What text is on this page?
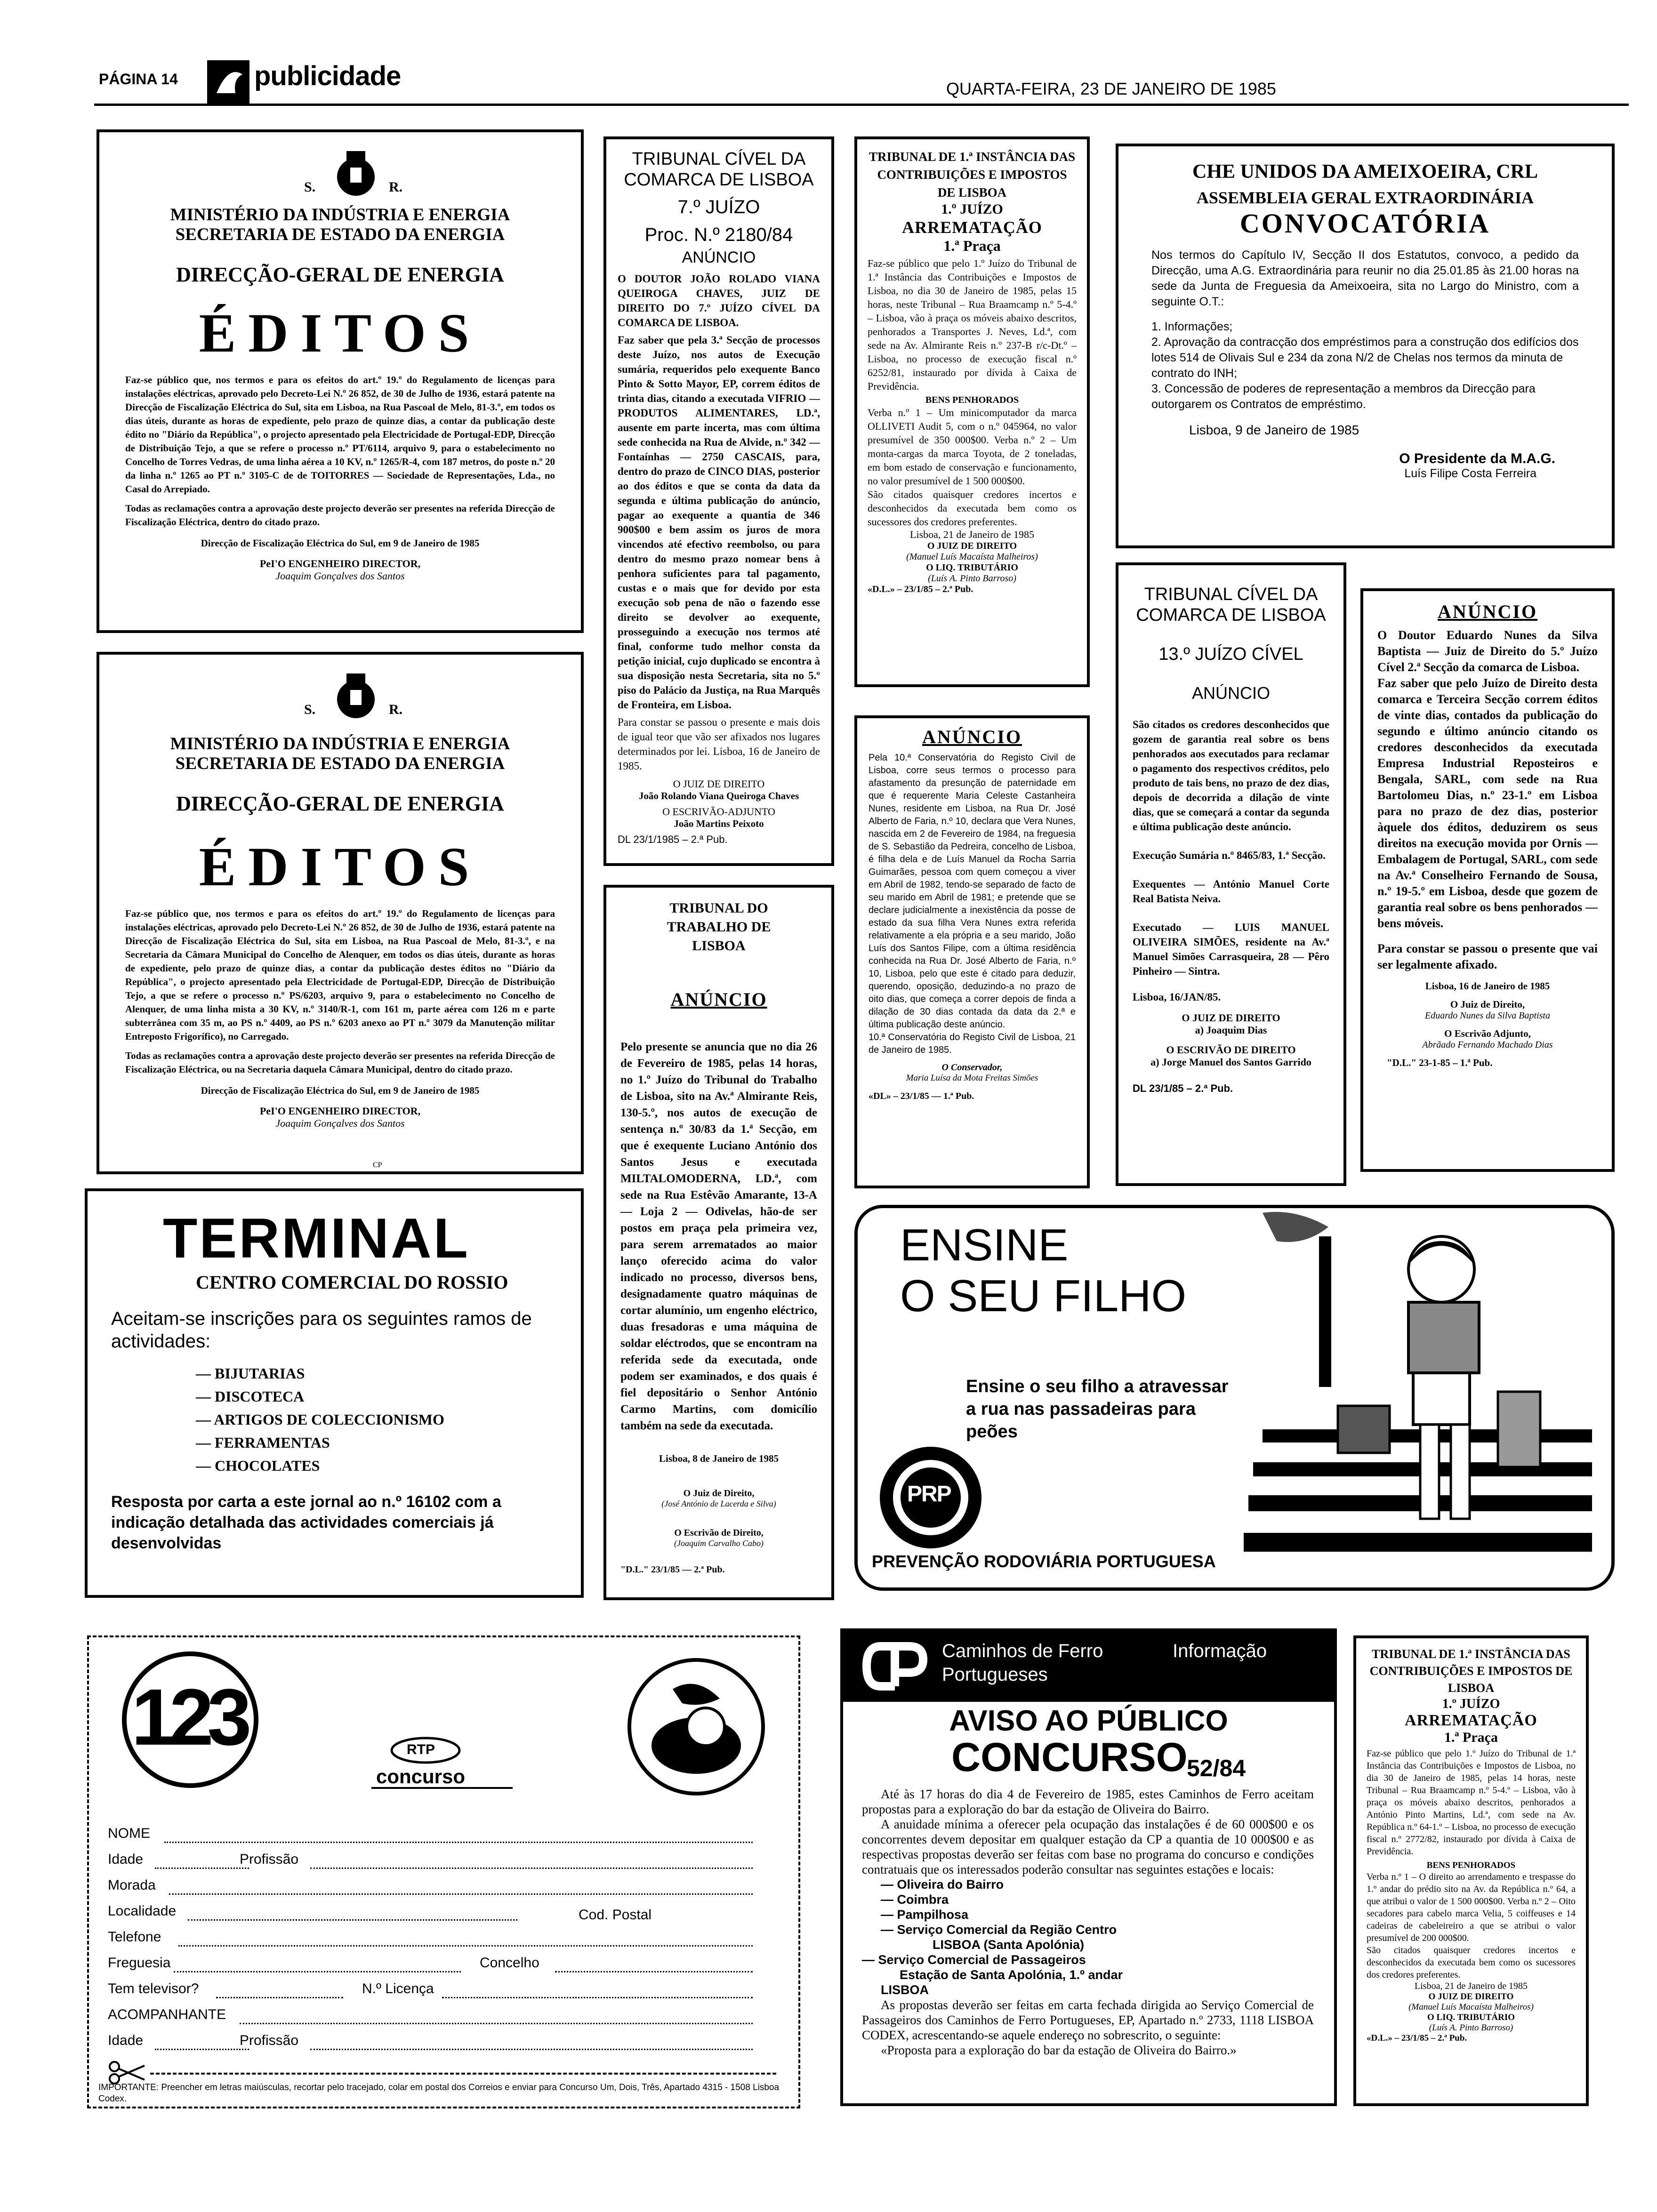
PÁGINA 14	publicidade	QUARTA-FEIRA, 23 DE JANEIRO DE 1985
S.	R.
MINISTÉRIO DA INDÚSTRIA E ENERGIA
SECRETARIA DE ESTADO DA ENERGIA
DIRECÇÃO-GERAL DE ENERGIA
ÉDITOS

Faz-se público que, nos termos e para os efeitos do art.º 19.º do Regulamento de licenças para instalações eléctricas, aprovado pelo Decreto-Lei N.º 26 852, de 30 de Julho de 1936, estará patente na Direcção de Fiscalização Eléctrica do Sul, sita em Lisboa, na Rua Pascoal de Melo, 81-3.º, em todos os dias úteis, durante as horas de expediente, pelo prazo de quinze dias, a contar da publicação deste édito no "Diário da República", o projecto apresentado pela Electricidade de Portugal-EDP, Direcção de Distribuição Tejo, a que se refere o processo n.º PT/6114, arquivo 9, para o estabelecimento no Concelho de Torres Vedras, de uma linha aérea a 10 KV, n.º 1265/R-4, com 187 metros, do poste n.º 20 da linha n.º 1265 ao PT n.º 3105-C de de TOITORRES — Sociedade de Representações, Lda., no Casal do Arrepiado.

Todas as reclamações contra a aprovação deste projecto deverão ser presentes na referida Direcção de Fiscalização Eléctrica, dentro do citado prazo.

Direcção de Fiscalização Eléctrica do Sul, em 9 de Janeiro de 1985

PeI'O ENGENHEIRO DIRECTOR,

Joaquim Gonçalves dos Santos

S.	R.
MINISTÉRIO DA INDÚSTRIA E ENERGIA
SECRETARIA DE ESTADO DA ENERGIA
DIRECÇÃO-GERAL DE ENERGIA
ÉDITOS

Faz-se público que, nos termos e para os efeitos do art.º 19.º do Regulamento de licenças para instalações eléctricas, aprovado pelo Decreto-Lei N.º 26 852, de 30 de Julho de 1936, estará patente na Direcção de Fiscalização Eléctrica do Sul, sita em Lisboa, na Rua Pascoal de Melo, 81-3.º, e na Secretaria da Câmara Municipal do Concelho de Alenquer, em todos os dias úteis, durante as horas de expediente, pelo prazo de quinze dias, a contar da publicação destes éditos no "Diário da República", o projecto apresentado pela Electricidade de Portugal-EDP, Direcção de Distribuição Tejo, a que se refere o processo n.º PS/6203, arquivo 9, para o estabelecimento no Concelho de Alenquer, de uma linha mista a 30 KV, n.º 3140/R-1, com 161 m, parte aérea com 126 m e parte subterrânea com 35 m, ao PS n.º 4409, ao PS n.º 6203 anexo ao PT n.º 3079 da Manutenção militar Entreposto Frigorífico), no Carregado.

Todas as reclamações contra a aprovação deste projecto deverão ser presentes na referida Direcção de Fiscalização Eléctrica, ou na Secretaria daquela Câmara Municipal, dentro do citado prazo.

Direcção de Fiscalização Eléctrica do Sul, em 9 de Janeiro de 1985

PeI'O ENGENHEIRO DIRECTOR,

Joaquim Gonçalves dos Santos

TRIBUNAL CÍVEL DA COMARCA DE LISBOA
7.º JUÍZO
Proc. N.º 2180/84
ANÚNCIO

O DOUTOR JOÃO ROLADO VIANA QUEIROGA CHAVES, JUIZ DE DIREITO DO 7.º JUÍZO CÍVEL DA COMARCA DE LISBOA.

Faz saber que pela 3.ª Secção de processos deste Juízo, nos autos de Execução sumária, requeridos pelo exequente Banco Pinto & Sotto Mayor, EP, correm éditos de trinta dias, citando a executada VIFRIO — PRODUTOS ALIMENTARES, LD.ª, ausente em parte incerta, mas com última sede conhecida na Rua de Alvide, n.º 342 — Fontaínhas — 2750 CASCAIS, para, dentro do prazo de CINCO DIAS, posterior ao dos éditos e que se conta da data da segunda e última publicação do anúncio, pagar ao exequente a quantia de 346 900$00 e bem assim os juros de mora vincendos até efectivo reembolso, ou para dentro do mesmo prazo nomear bens à penhora suficientes para tal pagamento, custas e o mais que for devido por esta execução sob pena de não o fazendo esse direito se devolver ao exequente, prosseguindo a execução nos termos até final, conforme tudo melhor consta da petição inicial, cujo duplicado se encontra à sua disposição nesta Secretaria, sita no 5.º piso do Palácio da Justiça, na Rua Marquês de Fronteira, em Lisboa.

Para constar se passou o presente e mais dois de igual teor que vão ser afixados nos lugares determinados por lei. Lisboa, 16 de Janeiro de 1985.

O JUIZ DE DIREITO

João Rolando Viana Queiroga Chaves

O ESCRIVÃO-ADJUNTO

João Martins Peixoto

DL 23/1/1985 – 2.ª Pub.

TRIBUNAL DE 1.ª INSTÂNCIA DAS CONTRIBUIÇÕES E IMPOSTOS DE LISBOA
1.º JUÍZO
ARREMATAÇÃO
1.ª Praça

Faz-se público que pelo 1.º Juízo do Tribunal de 1.ª Instância das Contribuições e Impostos de Lisboa, no dia 30 de Janeiro de 1985, pelas 15 horas, neste Tribunal – Rua Braamcamp n.º 5-4.º – Lisboa, vão à praça os móveis abaixo descritos, penhorados a Transportes J. Neves, Ld.ª, com sede na Av. Almirante Reis n.º 237-B r/c-Dt.º – Lisboa, no processo de execução fiscal n.º 6252/81, instaurado por dívida à Caixa de Previdência.

BENS PENHORADOS

Verba n.º 1 – Um minicomputador da marca OLLIVETI Audit 5, com o n.º 045964, no valor presumível de 350 000$00. Verba n.º 2 – Um monta-cargas da marca Toyota, de 2 toneladas, em bom estado de conservação e funcionamento, no valor presumível de 1 500 000$00.

São citados quaisquer credores incertos e desconhecidos da executada bem como os sucessores dos credores preferentes.

Lisboa, 21 de Janeiro de 1985

O JUIZ DE DIREITO

(Manuel Luís Macaísta Malheiros)

O LIQ. TRIBUTÁRIO

(Luís A. Pinto Barroso)

«D.L.» – 23/1/85 – 2.ª Pub.

CHE UNIDOS DA AMEIXOEIRA, CRL
ASSEMBLEIA GERAL EXTRAORDINÁRIA
CONVOCATÓRIA

Nos termos do Capítulo IV, Secção II dos Estatutos, convoco, a pedido da Direcção, uma A.G. Extraordinária para reunir no dia 25.01.85 às 21.00 horas na sede da Junta de Freguesia da Ameixoeira, sita no Largo do Ministro, com a seguinte O.T.:

1. Informações;
2. Aprovação da contracção dos empréstimos para a construção dos edifícios dos lotes 514 de Olivais Sul e 234 da zona N/2 de Chelas nos termos da minuta de contrato do INH;
3. Concessão de poderes de representação a membros da Direcção para outorgarem os Contratos de empréstimo.

Lisboa, 9 de Janeiro de 1985

O Presidente da M.A.G.

Luís Filipe Costa Ferreira

TRIBUNAL CÍVEL DA COMARCA DE LISBOA
13.º JUÍZO CÍVEL
ANÚNCIO

São citados os credores desconhecidos que gozem de garantia real sobre os bens penhorados aos executados para reclamar o pagamento dos respectivos créditos, pelo produto de tais bens, no prazo de dez dias, depois de decorrida a dilação de vinte dias, que se começará a contar da segunda e última publicação deste anúncio.

Execução Sumária n.º 8465/83, 1.ª Secção.

Exequentes — António Manuel Corte Real Batista Neiva.

Executado — LUIS MANUEL OLIVEIRA SIMÕES, residente na Av.ª Manuel Simões Carrasqueira, 28 — Pêro Pinheiro — Sintra.

Lisboa, 16/JAN/85.

O JUIZ DE DIREITO

a) Joaquim Dias

O ESCRIVÃO DE DIREITO

a) Jorge Manuel dos Santos Garrido

DL 23/1/85 – 2.ª Pub.

ANÚNCIO

O Doutor Eduardo Nunes da Silva Baptista — Juiz de Direito do 5.º Juízo Cível 2.ª Secção da comarca de Lisboa.

Faz saber que pelo Juízo de Direito desta comarca e Terceira Secção correm éditos de vinte dias, contados da publicação do segundo e último anúncio citando os credores desconhecidos da executada Empresa Industrial Reposteiros e Bengala, SARL, com sede na Rua Bartolomeu Dias, n.º 23-1.º em Lisboa para no prazo de dez dias, posterior àquele dos éditos, deduzirem os seus direitos na execução movida por Ornis — Embalagem de Portugal, SARL, com sede na Av.ª Conselheiro Fernando de Sousa, n.º 19-5.º em Lisboa, desde que gozem de garantia real sobre os bens penhorados — bens móveis.

Para constar se passou o presente que vai ser legalmente afixado.

Lisboa, 16 de Janeiro de 1985

O Juiz de Direito,

Eduardo Nunes da Silva Baptista

O Escrivão Adjunto,

Abrãado Fernando Machado Dias

"D.L." 23-1-85 – 1.ª Pub.

ANÚNCIO

Pela 10.ª Conservatória do Registo Civil de Lisboa, corre seus termos o processo para afastamento da presunção de paternidade em que é requerente Maria Celeste Castanheira Nunes, residente em Lisboa, na Rua Dr. José Alberto de Faria, n.º 10, declara que Vera Nunes, nascida em 2 de Fevereiro de 1984, na freguesia de S. Sebastião da Pedreira, concelho de Lisboa, é filha dela e de Luís Manuel da Rocha Sarria Guimarães, pessoa com quem começou a viver em Abril de 1982, tendo-se separado de facto de seu marido em Abril de 1981; e pretende que se declare judicialmente a inexistência da posse de estado da sua filha Vera Nunes extra referida relativamente a ela própria e a seu marido, João Luís dos Santos Filipe, com a última residência conhecida na Rua Dr. José Alberto de Faria, n.º 10, Lisboa, pelo que este é citado para deduzir, querendo, oposição, deduzindo-a no prazo de oito dias, que começa a correr depois de finda a dilação de 30 dias contada da data da 2.ª e última publicação deste anúncio.

10.ª Conservatória do Registo Civil de Lisboa, 21 de Janeiro de 1985.

O Conservador,

Maria Luísa da Mota Freitas Simões

«DL» – 23/1/85 — 1.ª Pub.

TRIBUNAL DO TRABALHO DE LISBOA
ANÚNCIO

Pelo presente se anuncia que no dia 26 de Fevereiro de 1985, pelas 14 horas, no 1.º Juízo do Tribunal do Trabalho de Lisboa, sito na Av.ª Almirante Reis, 130-5.º, nos autos de execução de sentença n.º 30/83 da 1.ª Secção, em que é exequente Luciano António dos Santos Jesus e executada MILTALOMODERNA, LD.ª, com sede na Rua Estêvão Amarante, 13-A — Loja 2 — Odivelas, hão-de ser postos em praça pela primeira vez, para serem arrematados ao maior lanço oferecido acima do valor indicado no processo, diversos bens, designadamente quatro máquinas de cortar alumínio, um engenho eléctrico, duas fresadoras e uma máquina de soldar eléctrodos, que se encontram na referida sede da executada, onde podem ser examinados, e dos quais é fiel depositário o Senhor António Carmo Martins, com domicílio também na sede da executada.

Lisboa, 8 de Janeiro de 1985

O Juiz de Direito,

(José António de Lacerda e Silva)

O Escrivão de Direito,

(Joaquim Carvalho Cabo)

"D.L." 23/1/85 — 2.ª Pub.

TERMINAL
CENTRO COMERCIAL DO ROSSIO

Aceitam-se inscrições para os seguintes ramos de actividades:

— BIJUTARIAS
— DISCOTECA
— ARTIGOS DE COLECCIONISMO
— FERRAMENTAS
— CHOCOLATES

Resposta por carta a este jornal ao n.º 16102 com a indicação detalhada das actividades comerciais já desenvolvidas

ENSINE
O SEU FILHO

Ensine o seu filho a atravessar a rua nas passadeiras para peões

PRP
PREVENÇÃO RODOVIÁRIA PORTUGUESA
123	RTP
concurso
NOME
Idade	Profissão
Morada
Localidade	Cod. Postal
Telefone
Freguesia	Concelho
Tem televisor?	N.º Licença
ACOMPANHANTE
Idade	Profissão

IMPORTANTE: Preencher em letras maiúsculas, recortar pelo tracejado, colar em postal dos Correios e enviar para Concurso Um, Dois, Três, Apartado 4315 - 1508 Lisboa Codex.

CP
Caminhos de Ferro
Portugueses
Informação
AVISO AO PÚBLICO
CONCURSO
52/84

Até às 17 horas do dia 4 de Fevereiro de 1985, estes Caminhos de Ferro aceitam propostas para a exploração do bar da estação de Oliveira do Bairro.

A anuidade mínima a oferecer pela ocupação das instalações é de 60 000$00 e os concorrentes devem depositar em qualquer estação da CP a quantia de 10 000$00 e as respectivas propostas deverão ser feitas com base no programa do concurso e condições contratuais que os interessados poderão consultar nas seguintes estações e locais:

— Oliveira do Bairro
— Coimbra
— Pampilhosa
— Serviço Comercial da Região Centro
LISBOA (Santa Apolónia)
— Serviço Comercial de Passageiros
Estação de Santa Apolónia, 1.º andar
LISBOA

As propostas deverão ser feitas em carta fechada dirigida ao Serviço Comercial de Passageiros dos Caminhos de Ferro Portugueses, EP, Apartado n.º 2733, 1118 LISBOA CODEX, acrescentando-se aquele endereço no sobrescrito, o seguinte:

«Proposta para a exploração do bar da estação de Oliveira do Bairro.»

TRIBUNAL DE 1.ª INSTÂNCIA DAS CONTRIBUIÇÕES E IMPOSTOS DE LISBOA
1.º JUÍZO
ARREMATAÇÃO
1.ª Praça

Faz-se público que pelo 1.º Juízo do Tribunal de 1.ª Instância das Contribuições e Impostos de Lisboa, no dia 30 de Janeiro de 1985, pelas 14 horas, neste Tribunal – Rua Braamcamp n.º 5-4.º – Lisboa, vão à praça os móveis abaixo descritos, penhorados a António Pinto Martins, Ld.ª, com sede na Av. República n.º 64-1.º – Lisboa, no processo de execução fiscal n.º 2772/82, instaurado por dívida à Caixa de Previdência.

BENS PENHORADOS

Verba n.º 1 – O direito ao arrendamento e trespasse do 1.º andar do prédio sito na Av. da República n.º 64, a que atribui o valor de 1 500 000$00. Verba n.º 2 – Oito secadores para cabelo marca Velia, 5 coiffeuses e 14 cadeiras de cabeleireiro a que se atribui o valor presumível de 200 000$00.

São citados quaisquer credores incertos e desconhecidos da executada bem como os sucessores dos credores preferentes.

Lisboa, 21 de Janeiro de 1985

O JUIZ DE DIREITO

(Manuel Luís Macaísta Malheiros)

O LIQ. TRIBUTÁRIO

(Luís A. Pinto Barroso)

«D.L.» – 23/1/85 – 2.ª Pub.
